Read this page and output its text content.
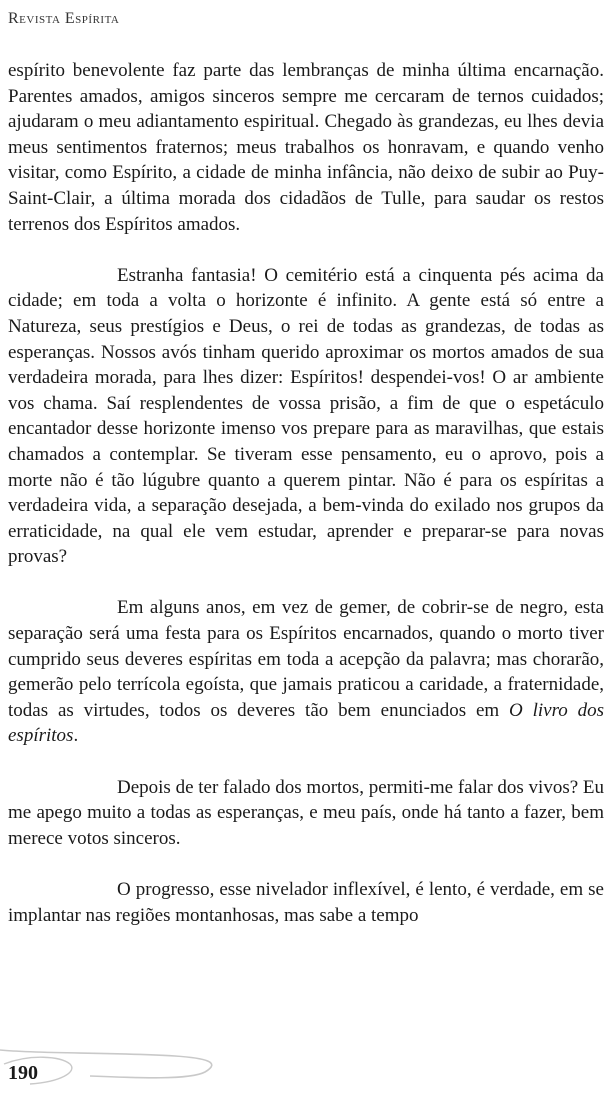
Revista Espírita

espírito benevolente faz parte das lembranças de minha última encarnação. Parentes amados, amigos sinceros sempre me cercaram de ternos cuidados; ajudaram o meu adiantamento espiritual. Chegado às grandezas, eu lhes devia meus sentimentos fraternos; meus trabalhos os honravam, e quando venho visitar, como Espírito, a cidade de minha infância, não deixo de subir ao Puy-Saint-Clair, a última morada dos cidadãos de Tulle, para saudar os restos terrenos dos Espíritos amados.

Estranha fantasia! O cemitério está a cinquenta pés acima da cidade; em toda a volta o horizonte é infinito. A gente está só entre a Natureza, seus prestígios e Deus, o rei de todas as grandezas, de todas as esperanças. Nossos avós tinham querido aproximar os mortos amados de sua verdadeira morada, para lhes dizer: Espíritos! despendei-vos! O ar ambiente vos chama. Saí resplendentes de vossa prisão, a fim de que o espetáculo encantador desse horizonte imenso vos prepare para as maravilhas, que estais chamados a contemplar. Se tiveram esse pensamento, eu o aprovo, pois a morte não é tão lúgubre quanto a querem pintar. Não é para os espíritas a verdadeira vida, a separação desejada, a bem-vinda do exilado nos grupos da erraticidade, na qual ele vem estudar, aprender e preparar-se para novas provas?

Em alguns anos, em vez de gemer, de cobrir-se de negro, esta separação será uma festa para os Espíritos encarnados, quando o morto tiver cumprido seus deveres espíritas em toda a acepção da palavra; mas chorarão, gemerão pelo terrícola egoísta, que jamais praticou a caridade, a fraternidade, todas as virtudes, todos os deveres tão bem enunciados em O livro dos espíritos.

Depois de ter falado dos mortos, permiti-me falar dos vivos? Eu me apego muito a todas as esperanças, e meu país, onde há tanto a fazer, bem merece votos sinceros.

O progresso, esse nivelador inflexível, é lento, é verdade, em se implantar nas regiões montanhosas, mas sabe a tempo

190
